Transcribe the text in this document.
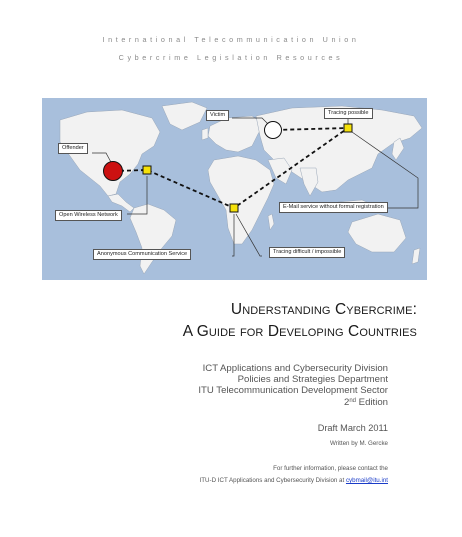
International Telecommunication Union
Cybercrime Legislation Resources
Victim	Tracing possible
Offender
Open Wireless Network
E-Mail service without formal registration
Anonymous Communication Service	Tracing difficult / impossible
Understanding Cybercrime:
A Guide for Developing Countries
ICT Applications and Cybersecurity Division
Policies and Strategies Department
ITU Telecommunication Development Sector
2nd Edition
Draft March 2011
Written by M. Gercke
For further information, please contact the
ITU-D ICT Applications and Cybersecurity Division at cybmail@itu.int
